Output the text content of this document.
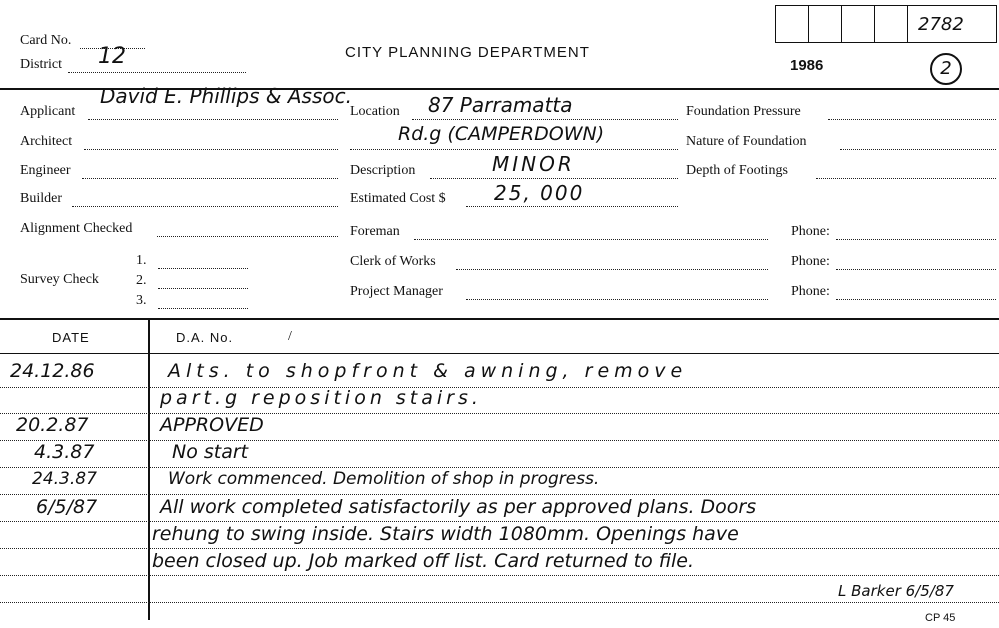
Card No.
District 12	CITY PLANNING DEPARTMENT
2782
1986	2
Applicant
David E. Phillips & Assoc.
Architect
Engineer
Builder
Alignment Checked
Survey Check
1.
2.
3.
Location 87 Parramatta
Rd.g (CAMPERDOWN)
Description	MINOR
Estimated Cost $ 25, 000
Foreman	Phone:
Clerk of Works	Phone:
Project Manager	Phone:
Foundation Pressure
Nature of Foundation
Depth of Footings
DATE	D.A. No.	/
24.12.86	Alts. to shopfront & awning, remove
part.g reposition stairs.
20.2.87	APPROVED
4.3.87	No start
24.3.87	Work commenced. Demolition of shop in progress.
6/5/87	All work completed satisfactorily as per approved plans. Doors
rehung to swing inside. Stairs width 1080mm. Openings have
been closed up. Job marked off list. Card returned to file.
L Barker 6/5/87
CP 45
